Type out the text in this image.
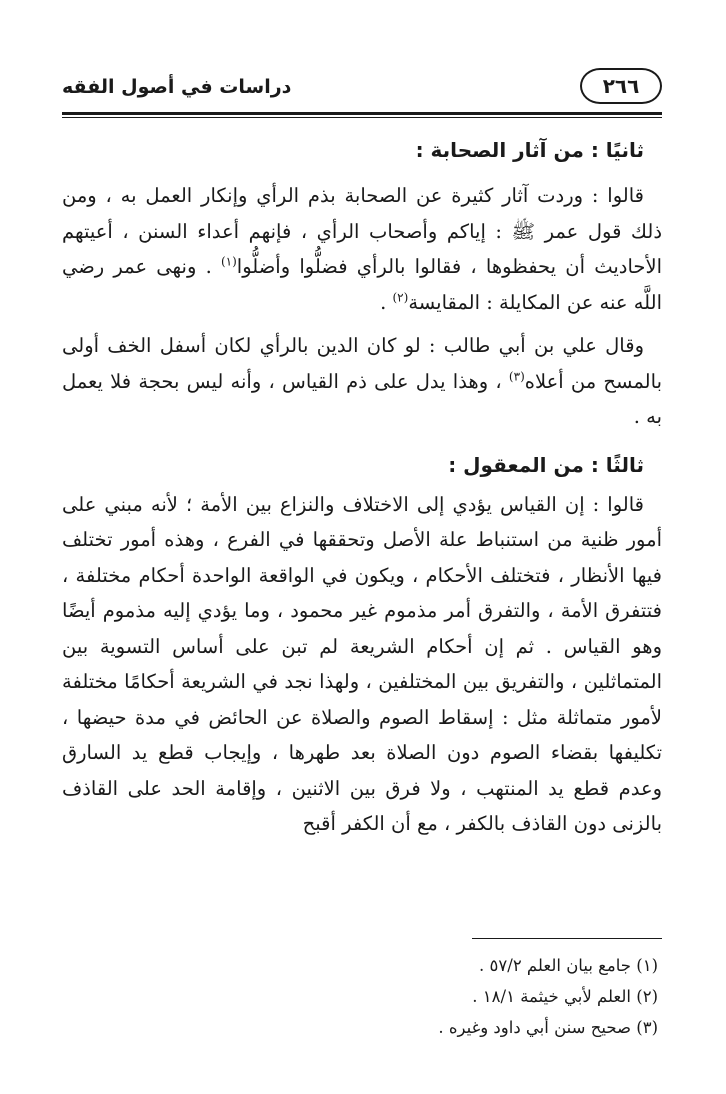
٢٦٦
دراسات في أصول الفقه

ثانيًا : من آثار الصحابة :

قالوا : وردت آثار كثيرة عن الصحابة بذم الرأي وإنكار العمل به ، ومن ذلك قول عمر ﷺ : إياكم وأصحاب الرأي ، فإنهم أعداء السنن ، أعيتهم الأحاديث أن يحفظوها ، فقالوا بالرأي فضلُّوا وأضلُّوا$^{(١)}$ . ونهى عمر رضي اللَّه عنه عن المكايلة : المقايسة$^{(٢)}$ .

وقال علي بن أبي طالب : لو كان الدين بالرأي لكان أسفل الخف أولى بالمسح من أعلاه$^{(٣)}$ ، وهذا يدل على ذم القياس ، وأنه ليس بحجة فلا يعمل به .

ثالثًا : من المعقول :

قالوا : إن القياس يؤدي إلى الاختلاف والنزاع بين الأمة ؛ لأنه مبني على أمور ظنية من استنباط علة الأصل وتحققها في الفرع ، وهذه أمور تختلف فيها الأنظار ، فتختلف الأحكام ، ويكون في الواقعة الواحدة أحكام مختلفة ، فتتفرق الأمة ، والتفرق أمر مذموم غير محمود ، وما يؤدي إليه مذموم أيضًا وهو القياس . ثم إن أحكام الشريعة لم تبن على أساس التسوية بين المتماثلين ، والتفريق بين المختلفين ، ولهذا نجد في الشريعة أحكامًا مختلفة لأمور متماثلة مثل : إسقاط الصوم والصلاة عن الحائض في مدة حيضها ، تكليفها بقضاء الصوم دون الصلاة بعد طهرها ، وإيجاب قطع يد السارق وعدم قطع يد المنتهب ، ولا فرق بين الاثنين ، وإقامة الحد على القاذف بالزنى دون القاذف بالكفر ، مع أن الكفر أقبح

(١) جامع بيان العلم ٥٧/٢ .

(٢) العلم لأبي خيثمة ١٨/١ .

(٣) صحيح سنن أبي داود وغيره .
